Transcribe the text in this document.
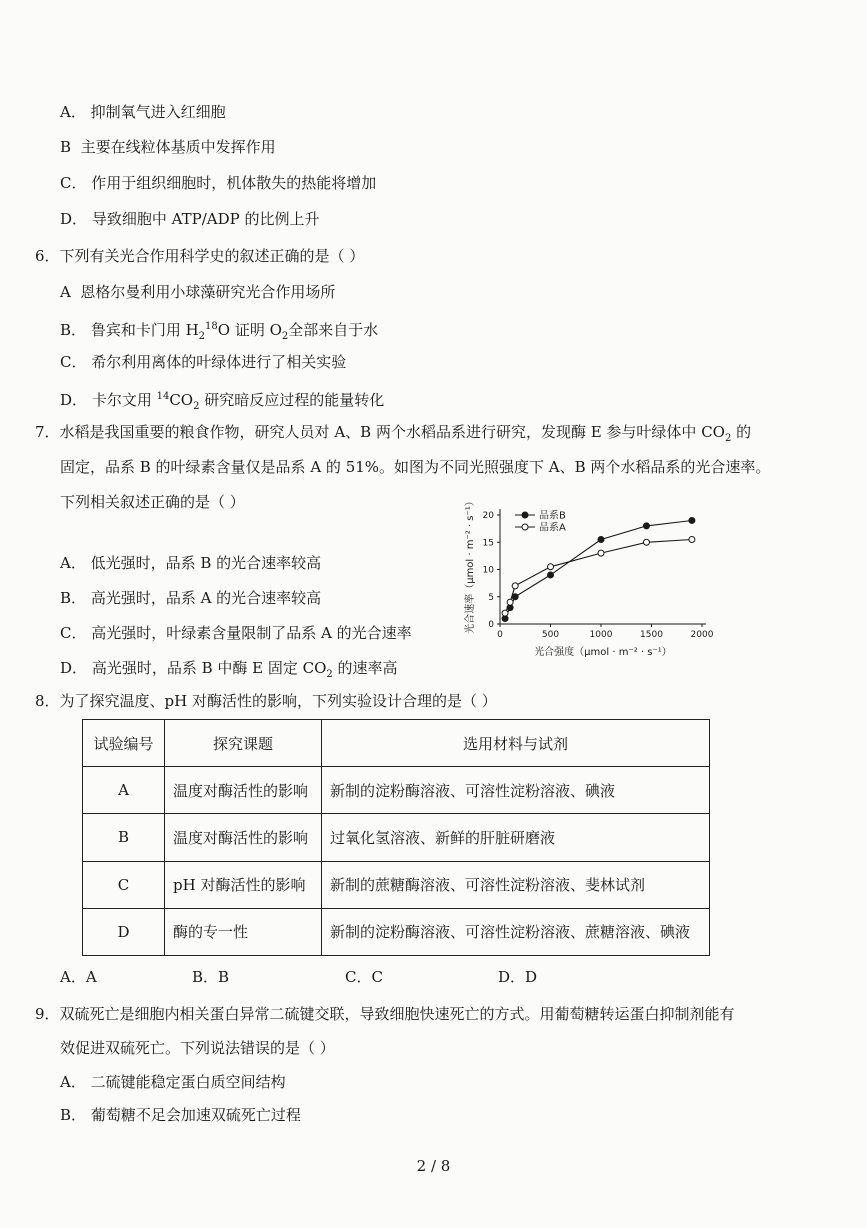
A． 抑制氧气进入红细胞
B 主要在线粒体基质中发挥作用
C． 作用于组织细胞时，机体散失的热能将增加
D． 导致细胞中 ATP/ADP 的比例上升
6．下列有关光合作用科学史的叙述正确的是（ ）
A 恩格尔曼利用小球藻研究光合作用场所
B． 鲁宾和卡门用 $H_2^{18}O$ 证明 $O_2$全部来自于水
C． 希尔利用离体的叶绿体进行了相关实验
D． 卡尔文用 $^{14}CO_2$ 研究暗反应过程的能量转化
7．水稻是我国重要的粮食作物，研究人员对 A、B 两个水稻品系进行研究，发现酶 E 参与叶绿体中 $CO_2$ 的
固定，品系 B 的叶绿素含量仅是品系 A 的 51%。如图为不同光照强度下 A、B 两个水稻品系的光合速率。
下列相关叙述正确的是（ ）
A． 低光强时，品系 B 的光合速率较高
B． 高光强时，品系 A 的光合速率较高
C． 高光强时，叶绿素含量限制了品系 A 的光合速率
D． 高光强时，品系 B 中酶 E 固定 $CO_2$ 的速率高
0	500	1000	1500	2000
0
5
10
15
20	品系B
品系A
光合速率（μmol · m⁻² · s⁻¹）
光合强度（μmol · m⁻² · s⁻¹）
8．为了探究温度、pH 对酶活性的影响，下列实验设计合理的是（ ）
试验编号	探究课题	选用材料与试剂
A	温度对酶活性的影响	新制的淀粉酶溶液、可溶性淀粉溶液、碘液
B	温度对酶活性的影响	过氧化氢溶液、新鲜的肝脏研磨液
C	pH 对酶活性的影响	新制的蔗糖酶溶液、可溶性淀粉溶液、斐林试剂
D	酶的专一性	新制的淀粉酶溶液、可溶性淀粉溶液、蔗糖溶液、碘液
A．A	B．B	C．C	D．D
9．双硫死亡是细胞内相关蛋白异常二硫键交联，导致细胞快速死亡的方式。用葡萄糖转运蛋白抑制剂能有
效促进双硫死亡。下列说法错误的是（ ）
A． 二硫键能稳定蛋白质空间结构
B． 葡萄糖不足会加速双硫死亡过程
2 / 8
